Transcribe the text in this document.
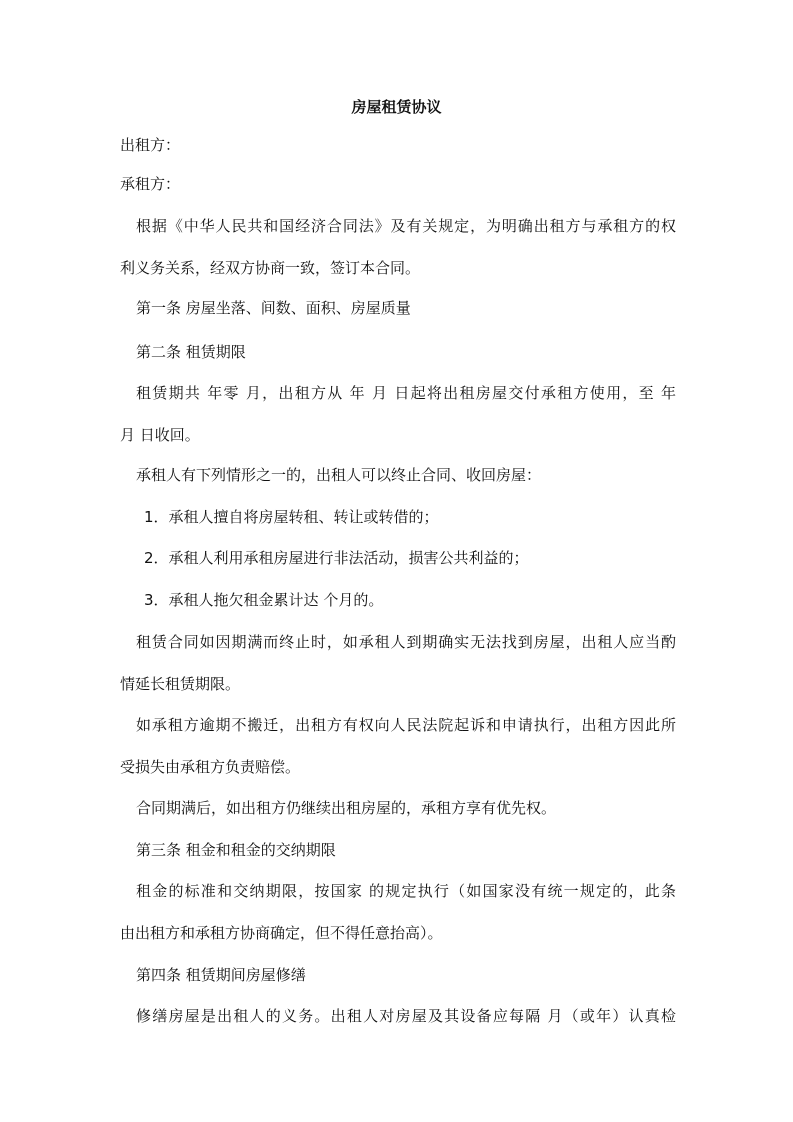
房屋租赁协议
出租方：
承租方：
根据《中华人民共和国经济合同法》及有关规定，为明确出租方与承租方的权
利义务关系，经双方协商一致，签订本合同。
第一条 房屋坐落、间数、面积、房屋质量
第二条 租赁期限
租赁期共 年零 月，出租方从 年 月 日起将出租房屋交付承租方使用，至 年
月 日收回。
承租人有下列情形之一的，出租人可以终止合同、收回房屋：
1．承租人擅自将房屋转租、转让或转借的；
2．承租人利用承租房屋进行非法活动，损害公共利益的；
3．承租人拖欠租金累计达 个月的。
租赁合同如因期满而终止时，如承租人到期确实无法找到房屋，出租人应当酌
情延长租赁期限。
如承租方逾期不搬迁，出租方有权向人民法院起诉和申请执行，出租方因此所
受损失由承租方负责赔偿。
合同期满后，如出租方仍继续出租房屋的，承租方享有优先权。
第三条 租金和租金的交纳期限
租金的标准和交纳期限，按国家 的规定执行（如国家没有统一规定的，此条
由出租方和承租方协商确定，但不得任意抬高）。
第四条 租赁期间房屋修缮
修缮房屋是出租人的义务。出租人对房屋及其设备应每隔 月（或年）认真检
